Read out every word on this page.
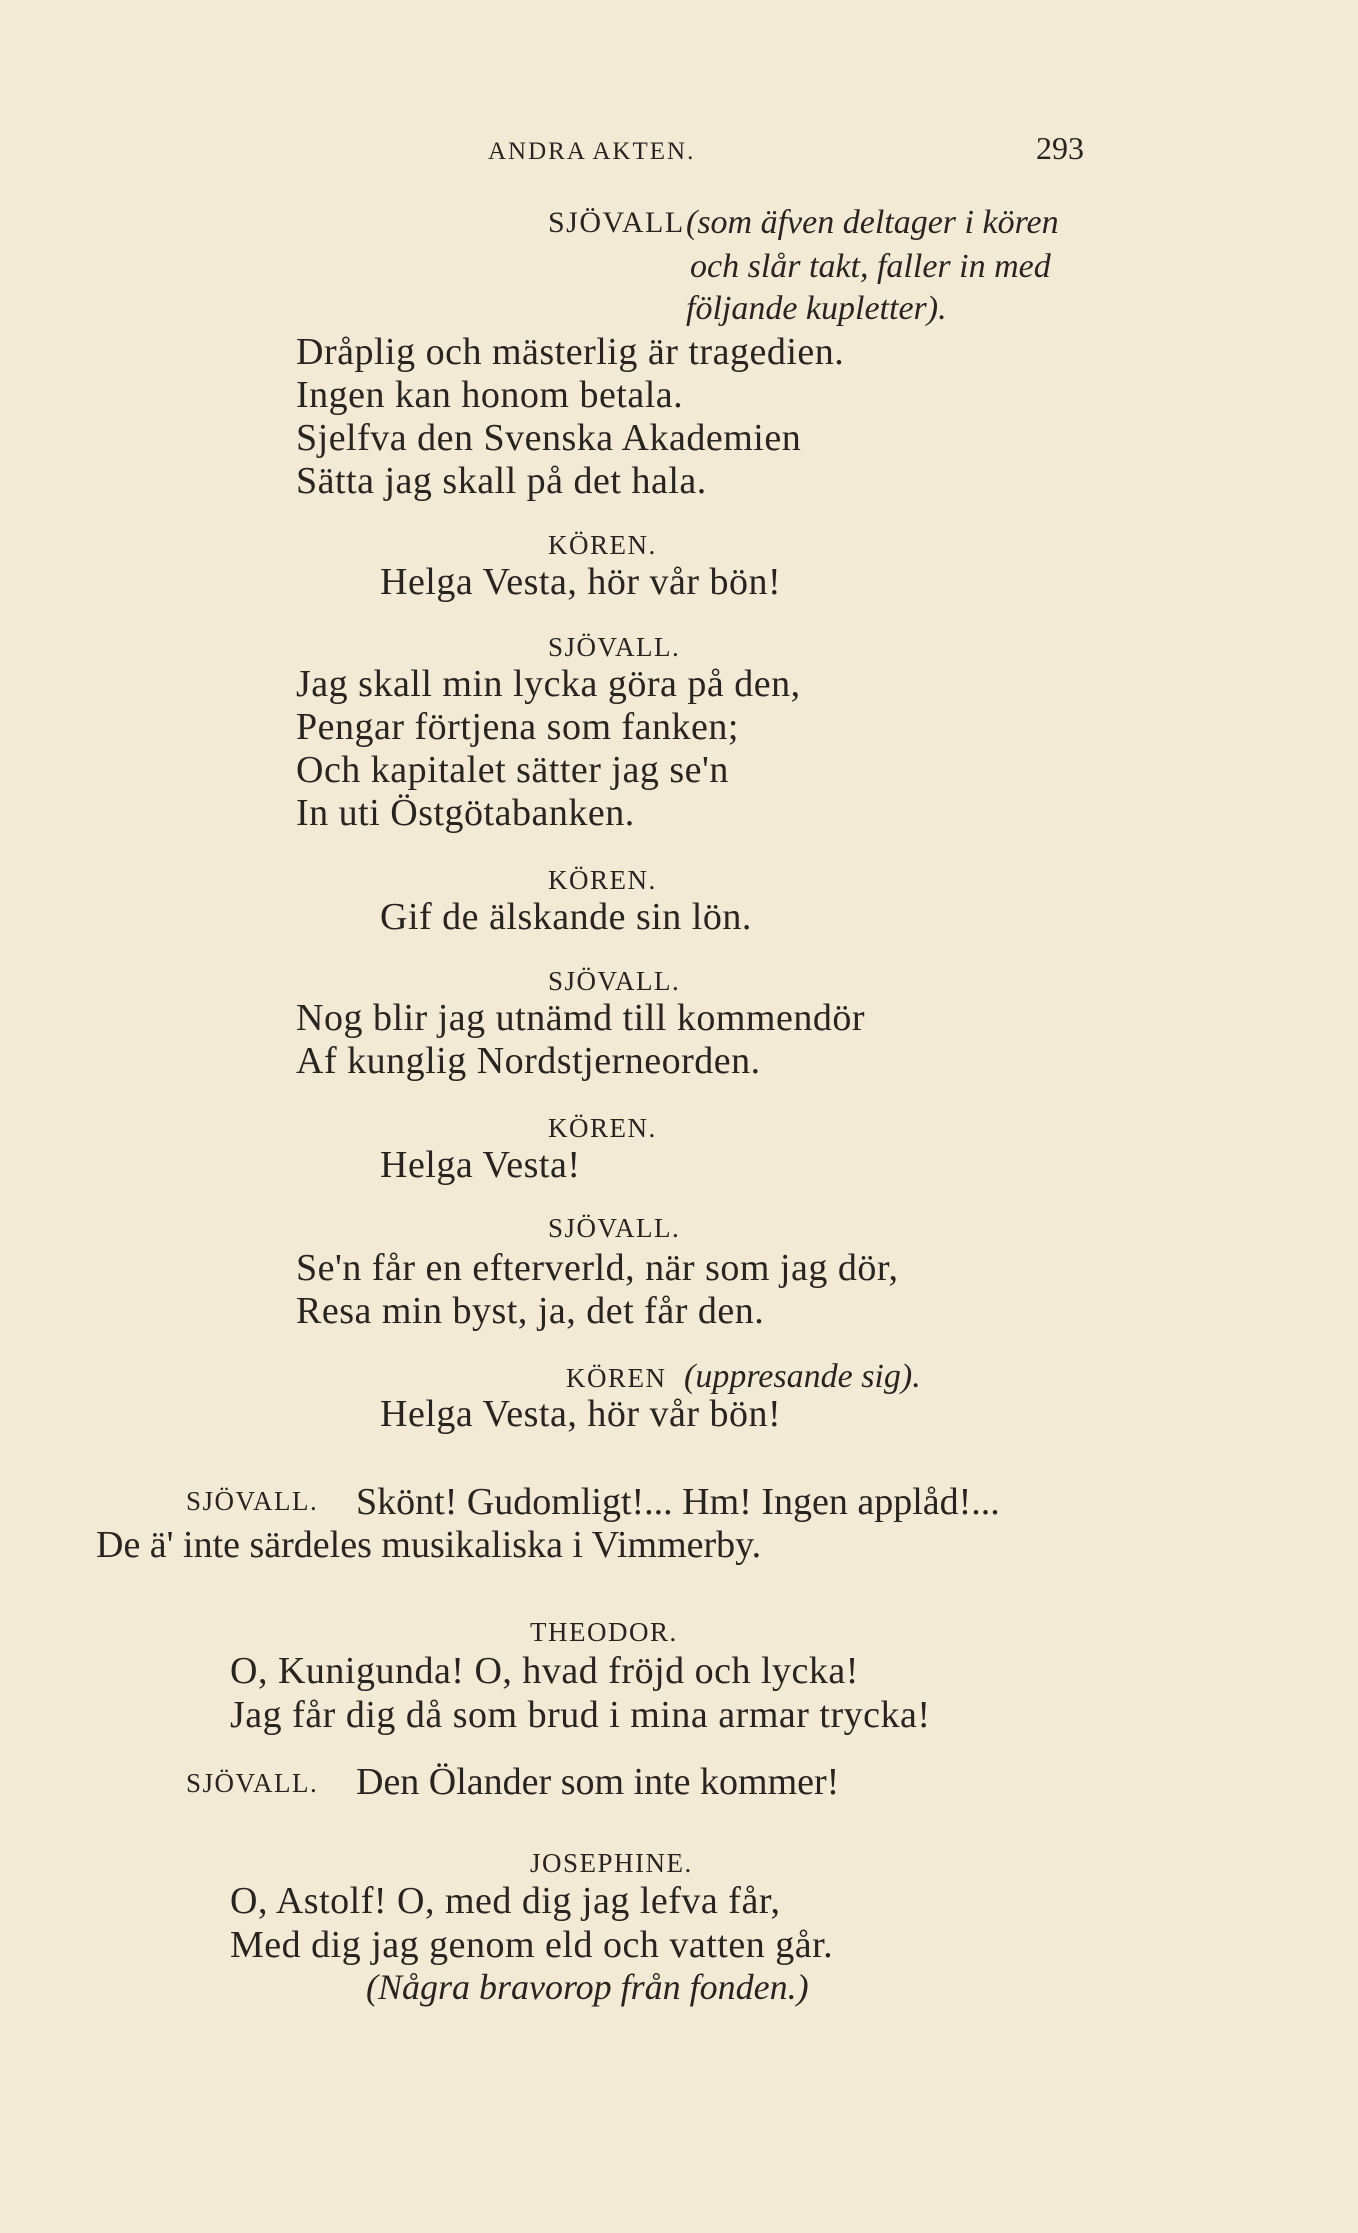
ANDRA AKTEN.	293
SJÖVALL (som äfven deltager i kören
och slår takt, faller in med
följande kupletter).
Dråplig och mästerlig är tragedien.
Ingen kan honom betala.
Sjelfva den Svenska Akademien
Sätta jag skall på det hala.
KÖREN.
Helga Vesta, hör vår bön!
SJÖVALL.
Jag skall min lycka göra på den,
Pengar förtjena som fanken;
Och kapitalet sätter jag se'n
In uti Östgötabanken.
KÖREN.
Gif de älskande sin lön.
SJÖVALL.
Nog blir jag utnämd till kommendör
Af kunglig Nordstjerneorden.
KÖREN.
Helga Vesta!
SJÖVALL.
Se'n får en efterverld, när som jag dör,
Resa min byst, ja, det får den.
KÖREN (uppresande sig).
Helga Vesta, hör vår bön!
SJÖVALL. Skönt! Gudomligt!... Hm! Ingen applåd!...
De ä' inte särdeles musikaliska i Vimmerby.
THEODOR.
O, Kunigunda! O, hvad fröjd och lycka!
Jag får dig då som brud i mina armar trycka!
SJÖVALL. Den Ölander som inte kommer!
JOSEPHINE.
O, Astolf! O, med dig jag lefva får,
Med dig jag genom eld och vatten går.
(Några bravorop från fonden.)
